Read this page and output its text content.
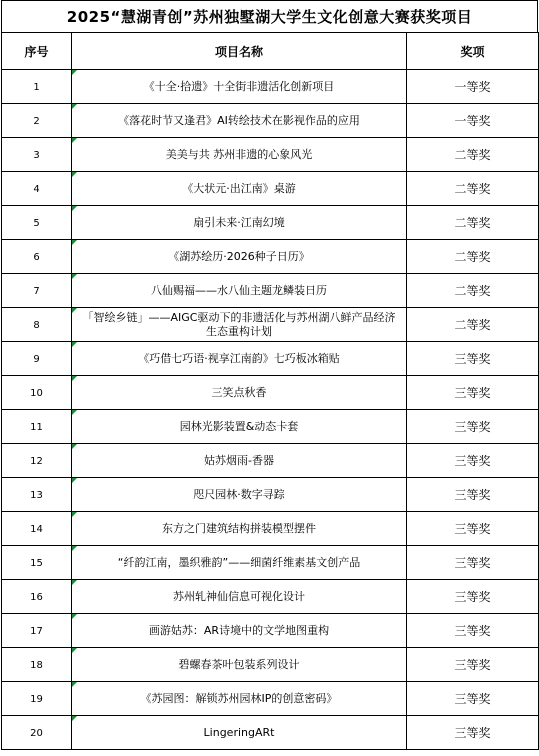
2025“慧湖青创”苏州独墅湖大学生文化创意大赛获奖项目
序号	项目名称	奖项
1	《十全·拾遗》十全街非遗活化创新项目	一等奖
2	《落花时节又逢君》AI转绘技术在影视作品的应用	一等奖
3	美美与共 苏州非遗的心象风光	二等奖
4	《大状元·出江南》桌游	二等奖
5	扇引未来·江南幻境	二等奖
6	《湖苏绘历·2026种子日历》	二等奖
7	八仙赐福——水八仙主题龙鳞装日历	二等奖
8	「智绘乡链」——AIGC驱动下的非遗活化与苏州湖八鲜产品经济生态重构计划	二等奖
9	《巧借七巧语·视享江南韵》七巧板冰箱贴	三等奖
10	三笑点秋香	三等奖
11	园林光影装置&动态卡套	三等奖
12	姑苏烟雨-香器	三等奖
13	咫尺园林·数字寻踪	三等奖
14	东方之门建筑结构拼装模型摆件	三等奖
15	“纤韵江南，墨织雅韵”——细菌纤维素基文创产品	三等奖
16	苏州轧神仙信息可视化设计	三等奖
17	画游姑苏：AR诗境中的文学地图重构	三等奖
18	碧螺春茶叶包装系列设计	三等奖
19	《苏园图：解锁苏州园林IP的创意密码》	三等奖
20	LingeringARt	三等奖
